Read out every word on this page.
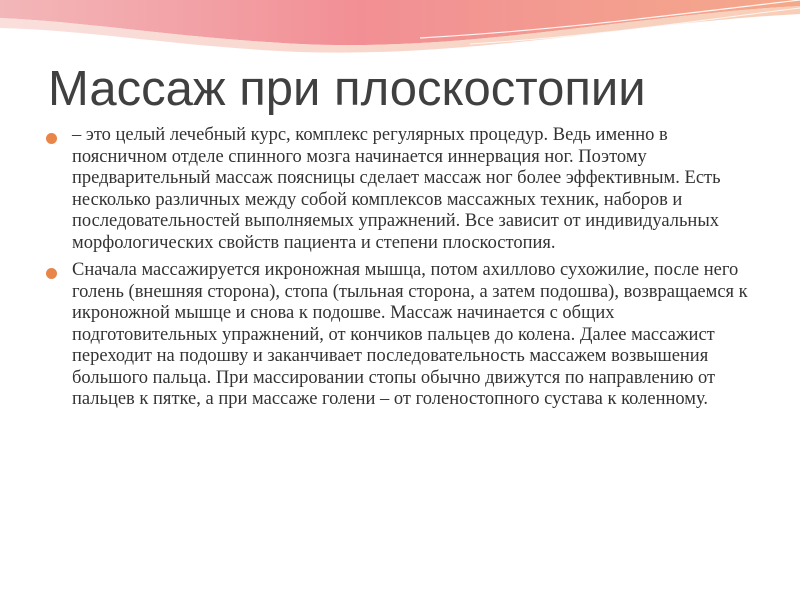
Массаж при плоскостопии
– это целый лечебный курс, комплекс регулярных процедур. Ведь именно в поясничном отделе спинного мозга начинается иннервация ног. Поэтому предварительный массаж поясницы сделает массаж ног более эффективным. Есть несколько различных между собой комплексов массажных техник, наборов и последовательностей выполняемых упражнений. Все зависит от индивидуальных морфологических свойств пациента и степени плоскостопия.
Сначала массажируется икроножная мышца, потом ахиллово сухожилие, после него голень (внешняя сторона), стопа (тыльная сторона, а затем подошва), возвращаемся к икроножной мышце и снова к подошве. Массаж начинается с общих подготовительных упражнений, от кончиков пальцев до колена. Далее массажист переходит на подошву и заканчивает последовательность массажем возвышения большого пальца. При массировании стопы обычно движутся по направлению от пальцев к пятке, а при массаже голени – от голеностопного сустава к коленному.
